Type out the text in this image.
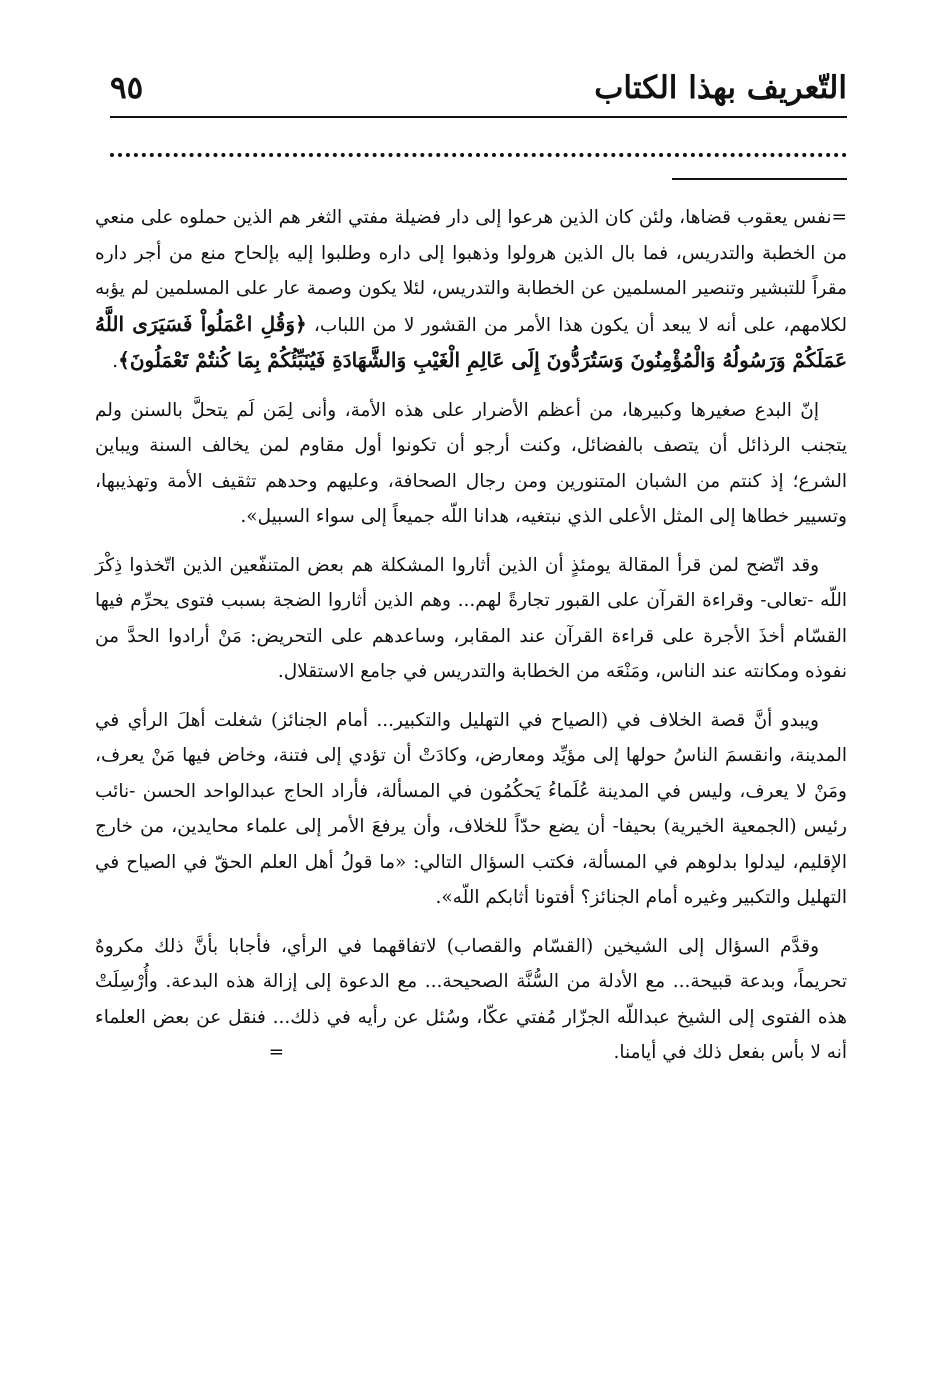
التّعريف بهذا الكتاب
٩٥

=نفس يعقوب قضاها، ولئن كان الذين هرعوا إلى دار فضيلة مفتي الثغر هم الذين حملوه على منعي من الخطبة والتدريس، فما بال الذين هرولوا وذهبوا إلى داره وطلبوا إليه بإلحاح منع من أجر داره مقراً للتبشير وتنصير المسلمين عن الخطابة والتدريس، لئلا يكون وصمة عار على المسلمين لم يؤبه لكلامهم، على أنه لا يبعد أن يكون هذا الأمر من القشور لا من اللباب، ﴿وَقُلِ اعْمَلُواْ فَسَيَرَى اللَّهُ عَمَلَكُمْ وَرَسُولُهُ وَالْمُؤْمِنُونَ وَسَتُرَدُّونَ إِلَى عَالِمِ الْغَيْبِ وَالشَّهَادَةِ فَيُنَبِّئُكُمْ بِمَا كُنتُمْ تَعْمَلُونَ﴾.

إنّ البدع صغيرها وكبيرها، من أعظم الأضرار على هذه الأمة، وأنى لِمَن لَم يتحلَّ بالسنن ولم يتجنب الرذائل أن يتصف بالفضائل، وكنت أرجو أن تكونوا أول مقاوم لمن يخالف السنة ويباين الشرع؛ إذ كنتم من الشبان المتنورين ومن رجال الصحافة، وعليهم وحدهم تثقيف الأمة وتهذيبها، وتسيير خطاها إلى المثل الأعلى الذي نبتغيه، هدانا اللّه جميعاً إلى سواء السبيل».

وقد اتّضح لمن قرأ المقالة يومئذٍ أن الذين أثاروا المشكلة هم بعض المتنفّعين الذين اتّخذوا ذِكْرَ اللّه -تعالى- وقراءة القرآن على القبور تجارةً لهم... وهم الذين أثاروا الضجة بسبب فتوى يحرِّم فيها القسّام أخذَ الأجرة على قراءة القرآن عند المقابر، وساعدهم على التحريض: مَنْ أرادوا الحدَّ من نفوذه ومكانته عند الناس، ومَنْعَه من الخطابة والتدريس في جامع الاستقلال.

ويبدو أنَّ قصة الخلاف في (الصياح في التهليل والتكبير... أمام الجنائز) شغلت أهلَ الرأي في المدينة، وانقسمَ الناسُ حولها إلى مؤيِّد ومعارض، وكادَتْ أن تؤدي إلى فتنة، وخاض فيها مَنْ يعرف، ومَنْ لا يعرف، وليس في المدينة عُلَماءُ يَحكُمُون في المسألة، فأراد الحاج عبدالواحد الحسن -نائب رئيس (الجمعية الخيرية) بحيفا- أن يضع حدّاً للخلاف، وأن يرفعَ الأمر إلى علماء محايدين، من خارج الإقليم، ليدلوا بدلوهم في المسألة، فكتب السؤال التالي: «ما قولُ أهل العلم الحقّ في الصياح في التهليل والتكبير وغيره أمام الجنائز؟ أفتونا أثابكم اللّه».

وقدَّم السؤال إلى الشيخين (القسّام والقصاب) لاتفاقهما في الرأي، فأجابا بأنَّ ذلك مكروهٌ تحريماً، وبدعة قبيحة... مع الأدلة من السُّنَّة الصحيحة... مع الدعوة إلى إزالة هذه البدعة. وأُرْسِلَتْ هذه الفتوى إلى الشيخ عبداللّه الجزّار مُفتي عكّا، وسُئل عن رأيه في ذلك... فنقل عن بعض العلماء أنه لا بأس بفعل ذلك في أيامنا.                                                        =
